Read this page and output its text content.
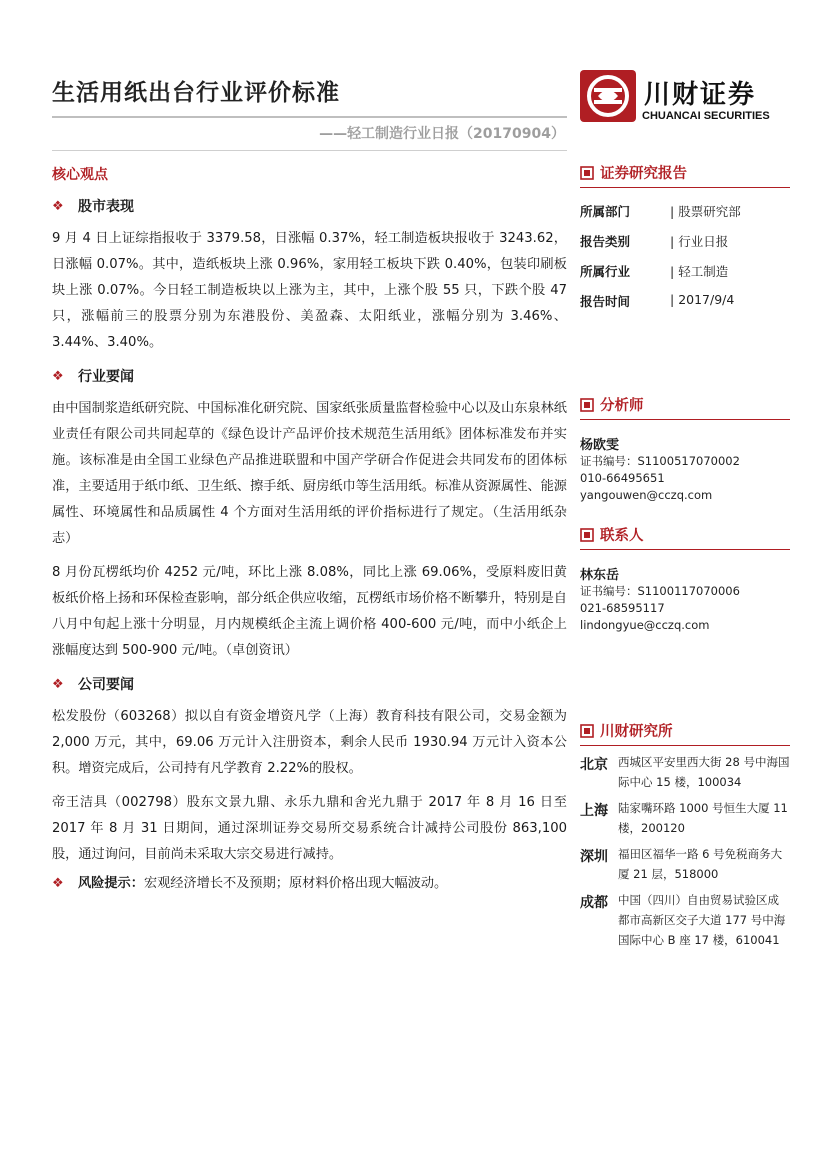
生活用纸出台行业评价标准
——轻工制造行业日报（20170904）
川财证券
CHUANCAI SECURITIES
核心观点
❖ 股市表现

9 月 4 日上证综指报收于 3379.58，日涨幅 0.37%，轻工制造板块报收于 3243.62，日涨幅 0.07%。其中，造纸板块上涨 0.96%，家用轻工板块下跌 0.40%，包装印刷板块上涨 0.07%。今日轻工制造板块以上涨为主，其中，上涨个股 55 只，下跌个股 47 只，涨幅前三的股票分别为东港股份、美盈森、太阳纸业，涨幅分别为 3.46%、3.44%、3.40%。

❖ 行业要闻

由中国制浆造纸研究院、中国标准化研究院、国家纸张质量监督检验中心以及山东泉林纸业责任有限公司共同起草的《绿色设计产品评价技术规范生活用纸》团体标准发布并实施。该标准是由全国工业绿色产品推进联盟和中国产学研合作促进会共同发布的团体标准，主要适用于纸巾纸、卫生纸、擦手纸、厨房纸巾等生活用纸。标准从资源属性、能源属性、环境属性和品质属性 4 个方面对生活用纸的评价指标进行了规定。（生活用纸杂志）

8 月份瓦楞纸均价 4252 元/吨，环比上涨 8.08%，同比上涨 69.06%，受原料废旧黄板纸价格上扬和环保检查影响，部分纸企供应收缩，瓦楞纸市场价格不断攀升，特别是自八月中旬起上涨十分明显，月内规模纸企主流上调价格 400-600 元/吨，而中小纸企上涨幅度达到 500-900 元/吨。（卓创资讯）

❖ 公司要闻

松发股份（603268）拟以自有资金增资凡学（上海）教育科技有限公司，交易金额为 2,000 万元，其中，69.06 万元计入注册资本，剩余人民币 1930.94 万元计入资本公积。增资完成后，公司持有凡学教育 2.22%的股权。

帝王洁具（002798）股东文景九鼎、永乐九鼎和舍光九鼎于 2017 年 8 月 16 日至 2017 年 8 月 31 日期间，通过深圳证券交易所交易系统合计减持公司股份 863,100 股，通过询问，目前尚未采取大宗交易进行减持。

❖ 风险提示： 宏观经济增长不及预期；原材料价格出现大幅波动。
证券研究报告
所属部门	| 股票研究部
报告类别	| 行业日报
所属行业	| 轻工制造
报告时间	| 2017/9/4
分析师
杨欧雯
证书编号：S1100517070002
010-66495651
yangouwen@cczq.com
联系人
林东岳
证书编号：S1100117070006
021-68595117
lindongyue@cczq.com
川财研究所
北京 西城区平安里西大街 28 号中海国际中心 15 楼，100034
上海 陆家嘴环路 1000 号恒生大厦 11 楼，200120
深圳 福田区福华一路 6 号免税商务大厦 21 层，518000
成都 中国（四川）自由贸易试验区成都市高新区交子大道 177 号中海国际中心 B 座 17 楼，610041
